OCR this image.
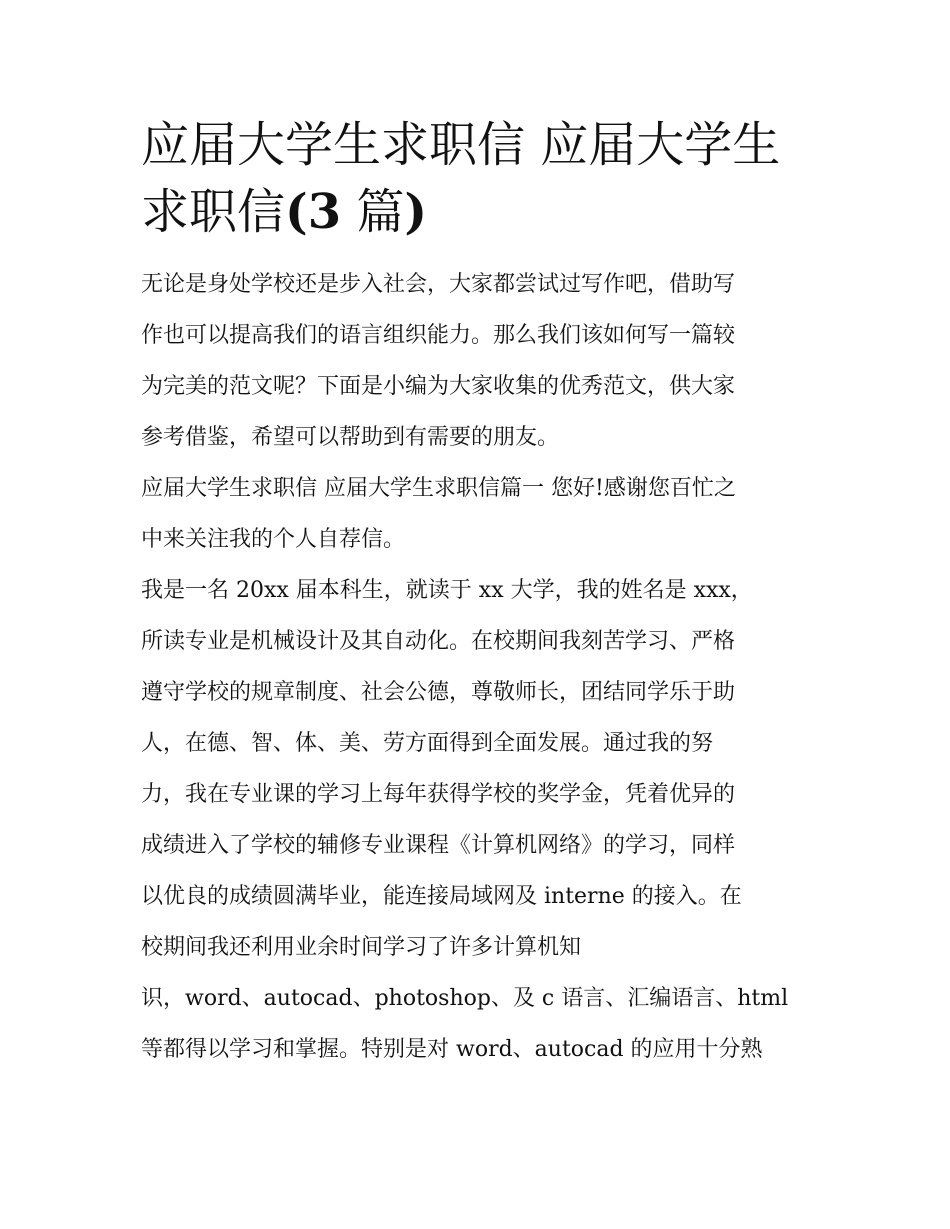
应届大学生求职信 应届大学生
求职信(3 篇)
无论是身处学校还是步入社会，大家都尝试过写作吧，借助写
作也可以提高我们的语言组织能力。那么我们该如何写一篇较
为完美的范文呢？下面是小编为大家收集的优秀范文，供大家
参考借鉴，希望可以帮助到有需要的朋友。
应届大学生求职信 应届大学生求职信篇一 您好!感谢您百忙之
中来关注我的个人自荐信。
我是一名 20xx 届本科生，就读于 xx 大学，我的姓名是 xxx，
所读专业是机械设计及其自动化。在校期间我刻苦学习、严格
遵守学校的规章制度、社会公德，尊敬师长，团结同学乐于助
人，在德、智、体、美、劳方面得到全面发展。通过我的努
力，我在专业课的学习上每年获得学校的奖学金，凭着优异的
成绩进入了学校的辅修专业课程《计算机网络》的学习，同样
以优良的成绩圆满毕业，能连接局域网及 interne 的接入。在
校期间我还利用业余时间学习了许多计算机知
识，word、autocad、photoshop、及 c 语言、汇编语言、html
等都得以学习和掌握。特别是对 word、autocad 的应用十分熟
